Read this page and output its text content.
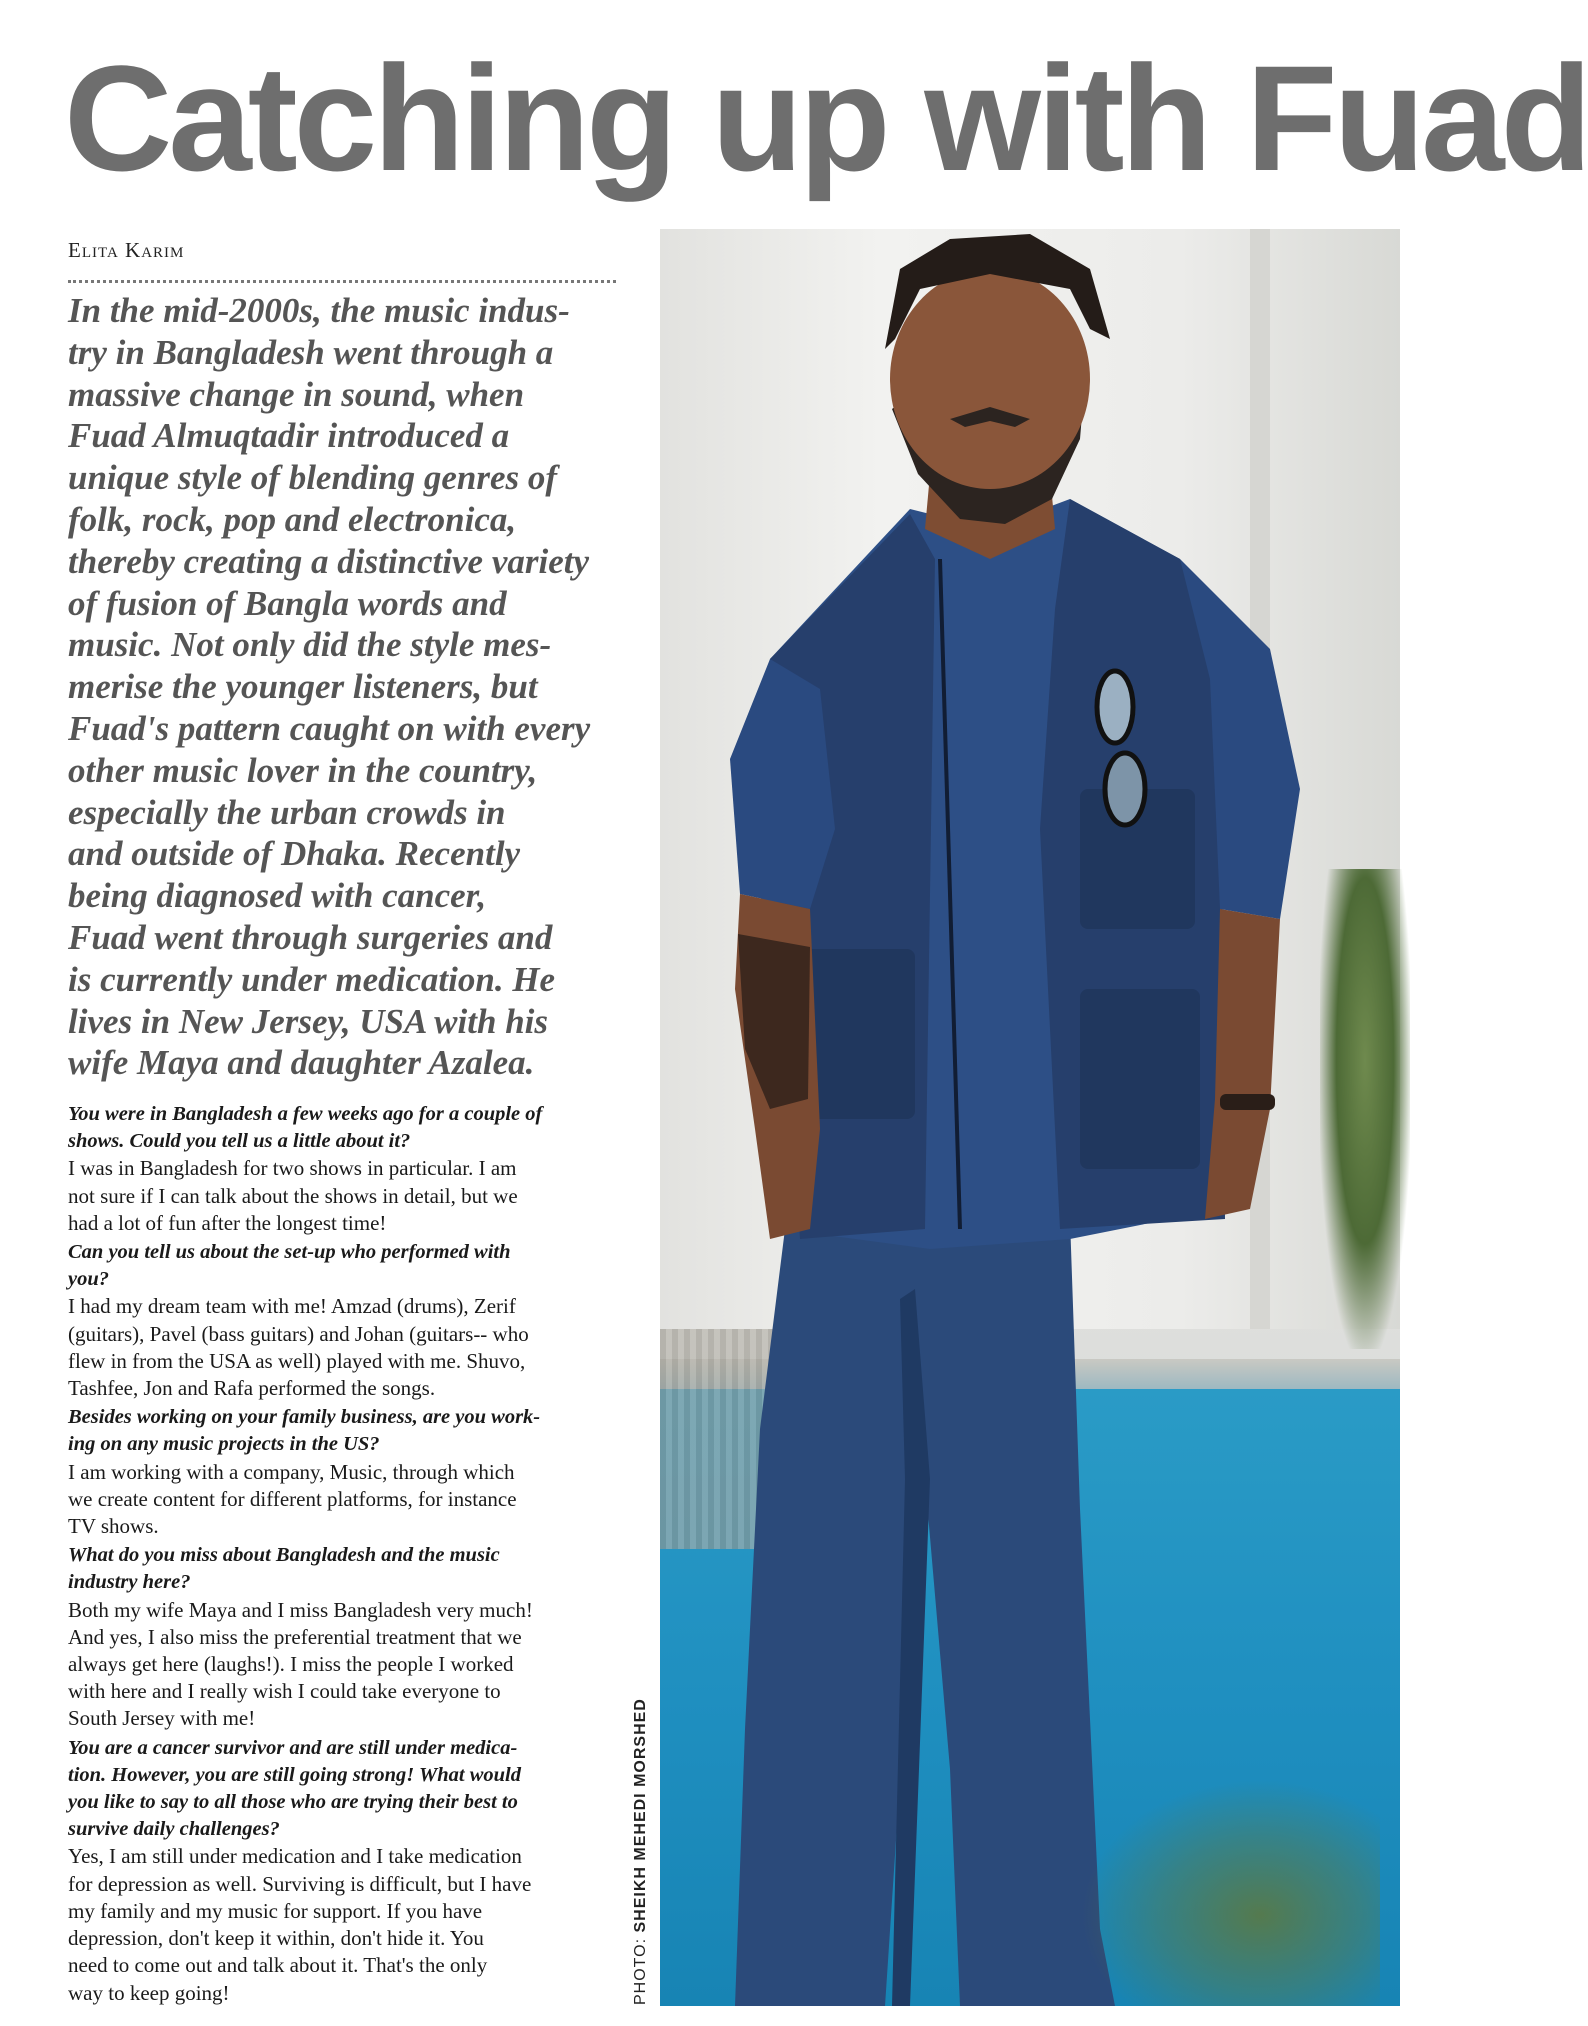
Catching up with Fuad
Elita Karim
In the mid-2000s, the music indus-
try in Bangladesh went through a
massive change in sound, when
Fuad Almuqtadir introduced a
unique style of blending genres of
folk, rock, pop and electronica,
thereby creating a distinctive variety
of fusion of Bangla words and
music. Not only did the style mes-
merise the younger listeners, but
Fuad's pattern caught on with every
other music lover in the country,
especially the urban crowds in
and outside of Dhaka. Recently
being diagnosed with cancer,
Fuad went through surgeries and
is currently under medication. He
lives in New Jersey, USA with his
wife Maya and daughter Azalea.
You were in Bangladesh a few weeks ago for a couple of
shows. Could you tell us a little about it?
I was in Bangladesh for two shows in particular. I am
not sure if I can talk about the shows in detail, but we
had a lot of fun after the longest time!
Can you tell us about the set-up who performed with
you?
I had my dream team with me! Amzad (drums), Zerif
(guitars), Pavel (bass guitars) and Johan (guitars-- who
flew in from the USA as well) played with me. Shuvo,
Tashfee, Jon and Rafa performed the songs.
Besides working on your family business, are you work-
ing on any music projects in the US?
I am working with a company, Music, through which
we create content for different platforms, for instance
TV shows.
What do you miss about Bangladesh and the music
industry here?
Both my wife Maya and I miss Bangladesh very much!
And yes, I also miss the preferential treatment that we
always get here (laughs!). I miss the people I worked
with here and I really wish I could take everyone to
South Jersey with me!
You are a cancer survivor and are still under medica-
tion. However, you are still going strong! What would
you like to say to all those who are trying their best to
survive daily challenges?
Yes, I am still under medication and I take medication
for depression as well. Surviving is difficult, but I have
my family and my music for support. If you have
depression, don't keep it within, don't hide it. You
need to come out and talk about it. That's the only
way to keep going!	PHOTO: SHEIKH MEHEDI MORSHED
